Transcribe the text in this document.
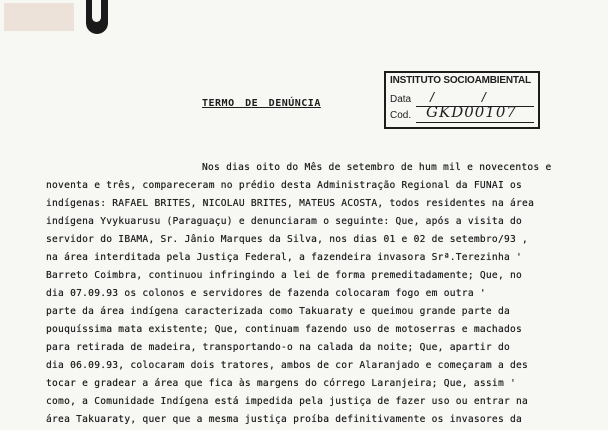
INSTITUTO SOCIOAMBIENTAL
Data / /
Cod. GKD00107
TERMO DE DENÚNCIA
Nos dias oito do Mês de setembro de hum mil e novecentos e
noventa e três, compareceram no prédio desta Administração Regional da FUNAI os
indígenas: RAFAEL BRITES, NICOLAU BRITES, MATEUS ACOSTA, todos residentes na área
indígena Yvykuarusu (Paraguaçu) e denunciaram o seguinte: Que, após a visita do
servidor do IBAMA, Sr. Jânio Marques da Silva, nos dias 01 e 02 de setembro/93 ,
na área interditada pela Justiça Federal, a fazendeira invasora Srª.Terezinha '
Barreto Coimbra, continuou infringindo a lei de forma premeditadamente; Que, no
dia 07.09.93 os colonos e servidores de fazenda colocaram fogo em outra '
parte da área indígena caracterizada como Takuaraty e queimou grande parte da
pouquíssima mata existente; Que, continuam fazendo uso de motoserras e machados
para retirada de madeira, transportando-o na calada da noite; Que, apartir do
dia 06.09.93, colocaram dois tratores, ambos de cor Alaranjado e começaram a des
tocar e gradear a área que fica às margens do córrego Laranjeira; Que, assim '
como, a Comunidade Indígena está impedida pela justiça de fazer uso ou entrar na
área Takuaraty, quer que a mesma justiça proíba definitivamente os invasores da
